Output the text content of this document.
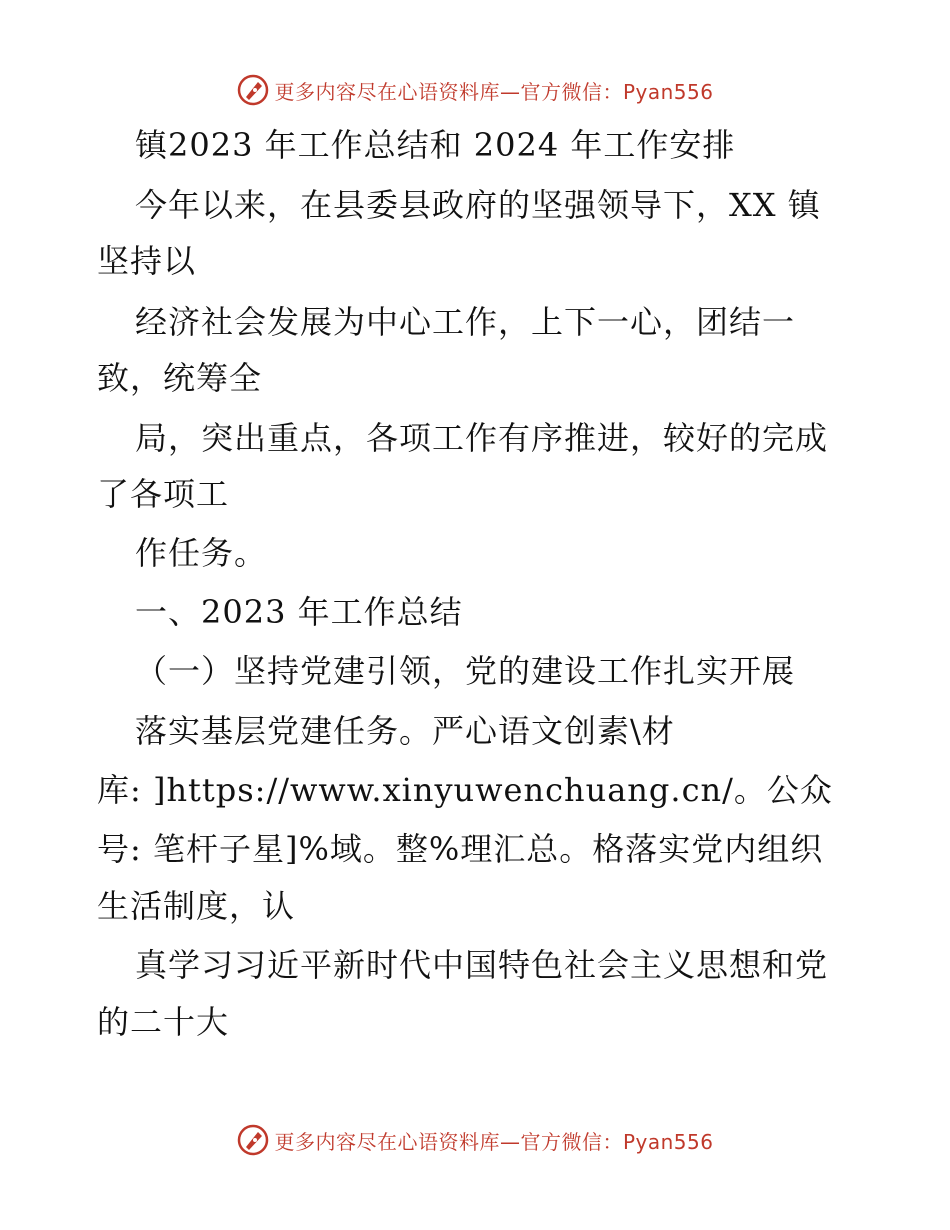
更多内容尽在心语资料库—官方微信：Pyan556
镇2023 年工作总结和 2024 年工作安排
今年以来，在县委县政府的坚强领导下，XX 镇
坚持以
经济社会发展为中心工作，上下一心，团结一
致，统筹全
局，突出重点，各项工作有序推进，较好的完成
了各项工
作任务。
一、2023 年工作总结
（一）坚持党建引领，党的建设工作扎实开展
落实基层党建任务。严心语文创素\材
库: ]https://www.xinyuwenchuang.cn/。公众
号: 笔杆子星]%域。整%理汇总。格落实党内组织
生活制度，认
真学习习近平新时代中国特色社会主义思想和党
的二十大
更多内容尽在心语资料库—官方微信：Pyan556
